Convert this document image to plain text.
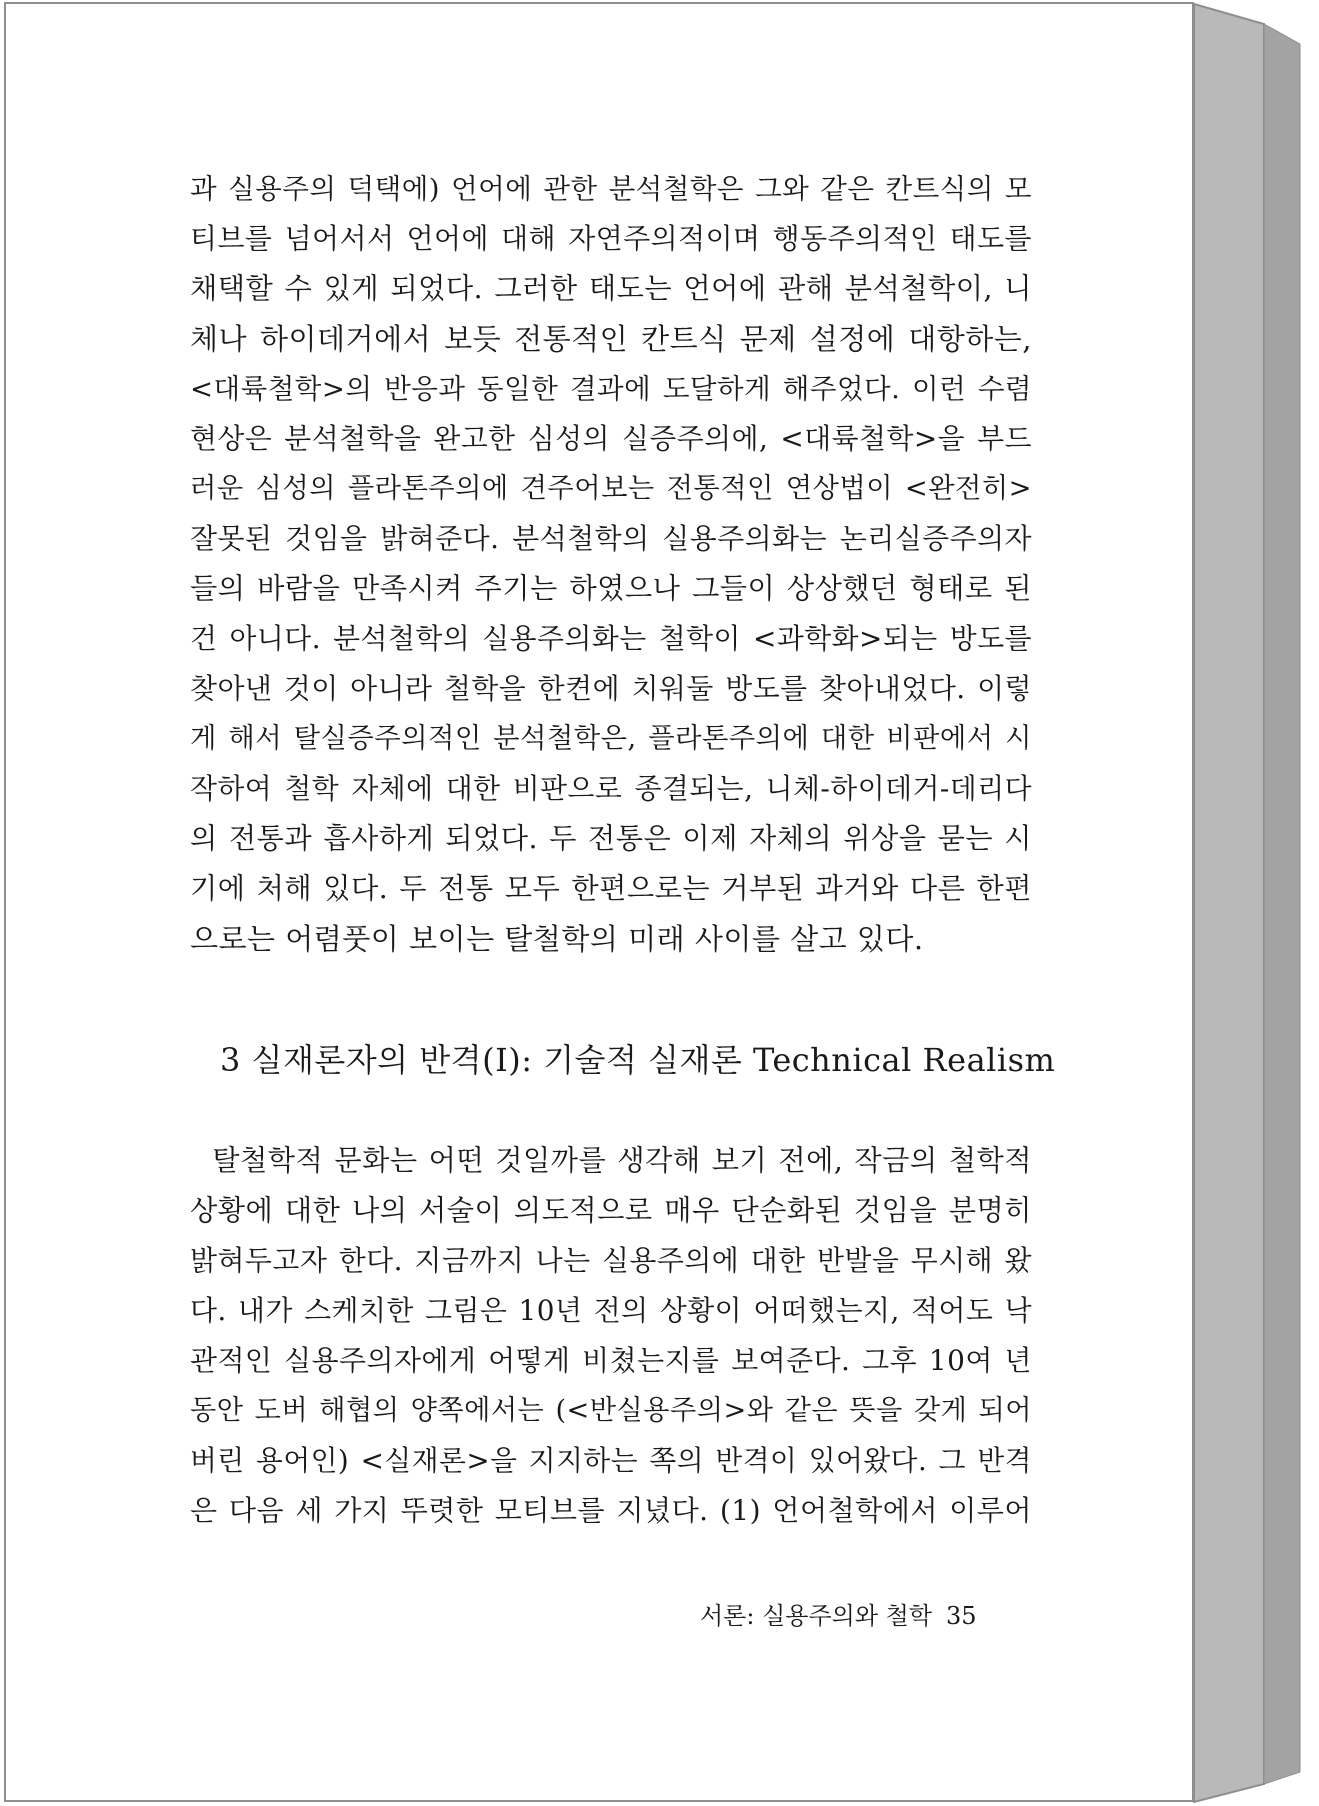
과 실용주의 덕택에) 언어에 관한 분석철학은 그와 같은 칸트식의 모
티브를 넘어서서 언어에 대해 자연주의적이며 행동주의적인 태도를
채택할 수 있게 되었다. 그러한 태도는 언어에 관해 분석철학이, 니
체나 하이데거에서 보듯 전통적인 칸트식 문제 설정에 대항하는,
<대륙철학>의 반응과 동일한 결과에 도달하게 해주었다. 이런 수렴
현상은 분석철학을 완고한 심성의 실증주의에, <대륙철학>을 부드
러운 심성의 플라톤주의에 견주어보는 전통적인 연상법이 <완전히>
잘못된 것임을 밝혀준다. 분석철학의 실용주의화는 논리실증주의자
들의 바람을 만족시켜 주기는 하였으나 그들이 상상했던 형태로 된
건 아니다. 분석철학의 실용주의화는 철학이 <과학화>되는 방도를
찾아낸 것이 아니라 철학을 한켠에 치워둘 방도를 찾아내었다. 이렇
게 해서 탈실증주의적인 분석철학은, 플라톤주의에 대한 비판에서 시
작하여 철학 자체에 대한 비판으로 종결되는, 니체-하이데거-데리다
의 전통과 흡사하게 되었다. 두 전통은 이제 자체의 위상을 묻는 시
기에 처해 있다. 두 전통 모두 한편으로는 거부된 과거와 다른 한편
으로는 어렴풋이 보이는 탈철학의 미래 사이를 살고 있다.
3 실재론자의 반격(I): 기술적 실재론 Technical Realism
탈철학적 문화는 어떤 것일까를 생각해 보기 전에, 작금의 철학적
상황에 대한 나의 서술이 의도적으로 매우 단순화된 것임을 분명히
밝혀두고자 한다. 지금까지 나는 실용주의에 대한 반발을 무시해 왔
다. 내가 스케치한 그림은 10년 전의 상황이 어떠했는지, 적어도 낙
관적인 실용주의자에게 어떻게 비쳤는지를 보여준다. 그후 10여 년
동안 도버 해협의 양쪽에서는 (<반실용주의>와 같은 뜻을 갖게 되어
버린 용어인) <실재론>을 지지하는 쪽의 반격이 있어왔다. 그 반격
은 다음 세 가지 뚜렷한 모티브를 지녔다. (1) 언어철학에서 이루어
서론: 실용주의와 철학 35
